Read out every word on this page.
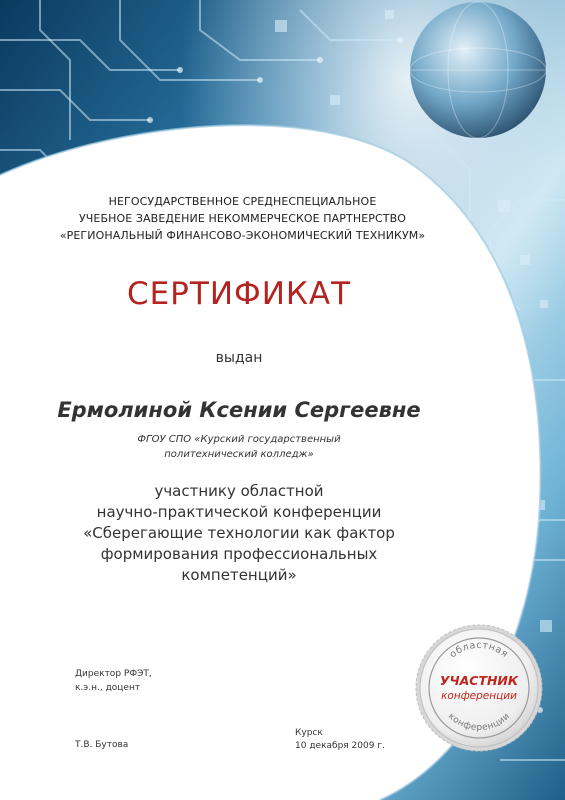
НЕГОСУДАРСТВЕННОЕ СРЕДНЕСПЕЦИАЛЬНОЕ
УЧЕБНОЕ ЗАВЕДЕНИЕ НЕКОММЕРЧЕСКОЕ ПАРТНЕРСТВО
«РЕГИОНАЛЬНЫЙ ФИНАНСОВО-ЭКОНОМИЧЕСКИЙ ТЕХНИКУМ»
СЕРТИФИКАТ
выдан
Ермолиной Ксении Сергеевне
ФГОУ СПО «Курский государственный
политехнический колледж»
участнику областной
научно-практической конференции
«Сберегающие технологии как фактор
формирования профессиональных
компетенций»
Директор РФЭТ,
к.э.н., доцент
Т.В. Бутова
Курск
10 декабря 2009 г.
областная
УЧАСТНИК
конференции
конференции
